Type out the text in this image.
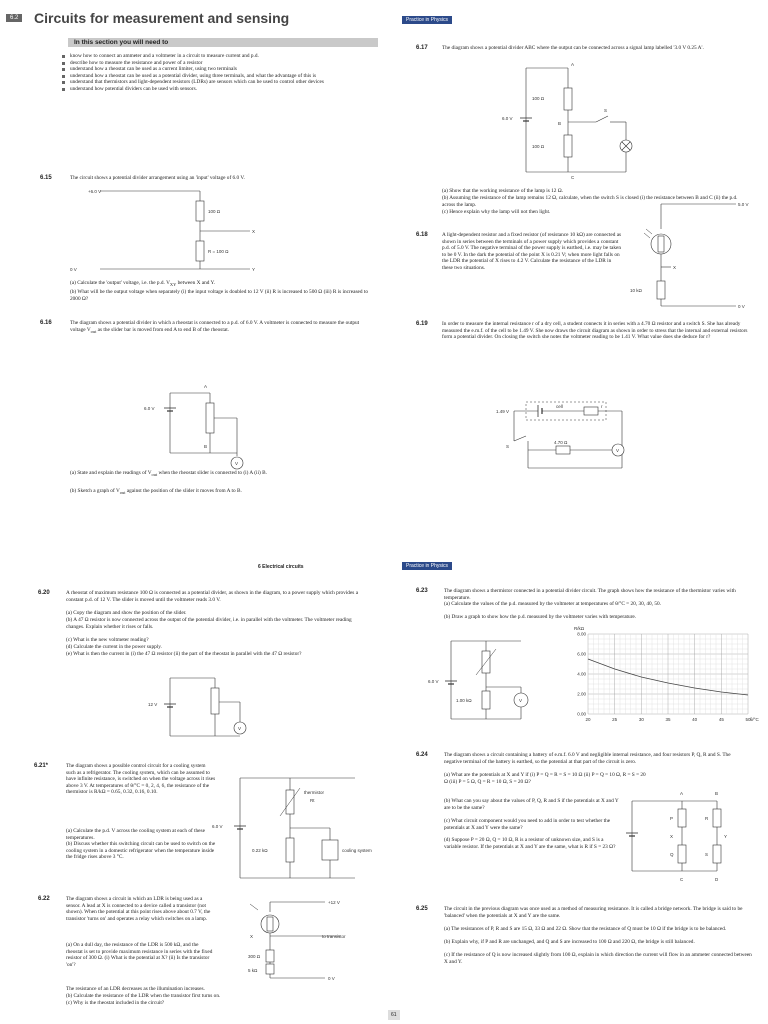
6.2 Circuits for measurement and sensing
In this section you will need to
know how to connect an ammeter and a voltmeter in a circuit to measure current and p.d.
describe how to measure the resistance and power of a resistor
understand how a rheostat can be used as a current limiter, using two terminals
understand how a rheostat can be used as a potential divider, using three terminals, and what the advantage of this is
understand that thermistors and light-dependent resistors (LDRs) are sensors which can be used to control other devices
understand how potential dividers can be used with sensors.
6.15	The circuit shows a potential divider arrangement using an 'input' voltage of 6.0 V.
+6.0 V
100 Ω
R = 100 Ω
X
Y
0 V
(a) Calculate the 'output' voltage, i.e. the p.d. $V_{XY}$ between X and Y.
(b) What will be the output voltage when separately (i) the input voltage is doubled to 12 V (ii) R is increased to 500 Ω (iii) R is increased to 2000 Ω?
6.16	The diagram shows a potential divider in which a rheostat is connected to a p.d. of 6.0 V. A voltmeter is connected to measure the output voltage $V_{out}$ as the slider bar is moved from end A to end B of the rheostat.
6.0 V
A
B
V
(a) State and explain the readings of $V_{out}$ when the rheostat slider is connected to (i) A (ii) B.
(b) Sketch a graph of $V_{out}$ against the position of the slider it moves from A to B.
Practice in Physics
6.17	The diagram shows a potential divider ABC where the output can be connected across a signal lamp labelled '3.0 V 0.25 A'.
A
B
C
S
6.0 V
100 Ω
100 Ω
(a) Show that the working resistance of the lamp is 12 Ω.
(b) Assuming the resistance of the lamp remains 12 Ω, calculate, when the switch S is closed (i) the resistance between B and C (ii) the p.d. across the lamp.
(c) Hence explain why the lamp will not then light.
6.18	A light-dependent resistor and a fixed resistor (of resistance 10 kΩ) are connected as shown in series between the terminals of a power supply which provides a constant p.d. of 5.0 V. The negative terminal of the power supply is earthed, i.e. may be taken to be 0 V. In the dark the potential of the point X is 0.21 V; when more light falls on the LDR the potential of X rises to 4.2 V. Calculate the resistance of the LDR in these two situations.
5.0 V
X
10 kΩ
0 V
6.19	In order to measure the internal resistance r of a dry cell, a student connects it in series with a 4.70 Ω resistor and a switch S. She has already measured the e.m.f. of the cell to be 1.49 V. She now draws the circuit diagram as shown in order to stress that the internal and external resistors form a potential divider. On closing the switch she notes the voltmeter reading to be 1.41 V. What value does she deduce for r?
1.49 V
cell	r
S
4.70 Ω
V
6 Electrical circuits
6.20	A rheostat of maximum resistance 100 Ω is connected as a potential divider, as shown in the diagram, to a power supply which provides a constant p.d. of 12 V. The slider is moved until the voltmeter reads 3.0 V.
(a) Copy the diagram and show the position of the slider.
(b) A 47 Ω resistor is now connected across the output of the potential divider, i.e. in parallel with the voltmeter. The voltmeter reading changes. Explain whether it rises or falls.
(c) What is the new voltmeter reading?
(d) Calculate the current in the power supply.
(e) What is then the current in (i) the 47 Ω resistor (ii) the part of the rheostat in parallel with the 47 Ω resistor?
12 V
V
6.21*	The diagram shows a possible control circuit for a cooling system such as a refrigerator. The cooling system, which can be assumed to have infinite resistance, is switched on when the voltage across it rises above 3 V. At temperatures of θ/°C = 0, 2, 4, 6, the resistance of the thermistor is R/kΩ = 0.65, 0.32, 0.16, 0.10.
(a) Calculate the p.d. V across the cooling system at each of these temperatures.
(b) Discuss whether this switching circuit can be used to switch on the cooling system in a domestic refrigerator when the temperature inside the fridge rises above 3 °C.
thermistor
Rt
6.0 V
0.22 kΩ	cooling system
6.22	The diagram shows a circuit in which an LDR is being used as a sensor. A lead at X is connected to a device called a transistor (not shown). When the potential at this point rises above about 0.7 V, the transistor 'turns on' and operates a relay which switches on a lamp.
(a) On a dull day, the resistance of the LDR is 500 kΩ, and the rheostat is set to provide maximum resistance in series with the fixed resistor of 300 Ω. (i) What is the potential at X? (ii) Is the transistor 'on'?
The resistance of an LDR decreases as the illumination increases.
(b) Calculate the resistance of the LDR when the transistor first turns on.
(c) Why is the rheostat included in the circuit?
+12 V
X	to transistor
300 Ω
5 kΩ
0 V
Practice in Physics
6.23	The diagram shows a thermistor connected in a potential divider circuit. The graph shows how the resistance of the thermistor varies with temperature.
(a) Calculate the values of the p.d. measured by the voltmeter at temperatures of θ/°C = 20, 30, 40, 50.
(b) Draw a graph to show how the p.d. measured by the voltmeter varies with temperature.
6.0 V
1.00 kΩ	V
0.00
2.00
4.00
6.00
8.00
20	25	30	35	40	45	50
R/kΩ
θ/°C
6.24	The diagram shows a circuit containing a battery of e.m.f. 6.0 V and negligible internal resistance, and four resistors P, Q, R and S. The negative terminal of the battery is earthed, so the potential at that part of the circuit is zero.
(a) What are the potentials at X and Y if (i) P = Q = R = S = 10 Ω (ii) P = Q = 10 Ω, R = S = 20 Ω (iii) P = 5 Ω, Q = R = 10 Ω, S = 20 Ω?
(b) What can you say about the values of P, Q, R and S if the potentials at X and Y are to be the same?
(c) What circuit component would you need to add in order to test whether the potentials at X and Y were the same?
(d) Suppose P = 20 Ω, Q = 10 Ω, R is a resistor of unknown size, and S is a variable resistor. If the potentials at X and Y are the same, what is R if S = 23 Ω?
A	B
P	R
X	Y
Q	S
C	D
6.25	The circuit in the previous diagram was once used as a method of measuring resistance. It is called a bridge network. The bridge is said to be 'balanced' when the potentials at X and Y are the same.
(a) The resistances of P, R and S are 15 Ω, 33 Ω and 22 Ω. Show that the resistance of Q must be 10 Ω if the bridge is to be balanced.
(b) Explain why, if P and R are unchanged, and Q and S are increased to 100 Ω and 220 Ω, the bridge is still balanced.
(c) If the resistance of Q is now increased slightly from 100 Ω, explain in which direction the current will flow in an ammeter connected between X and Y.
61
